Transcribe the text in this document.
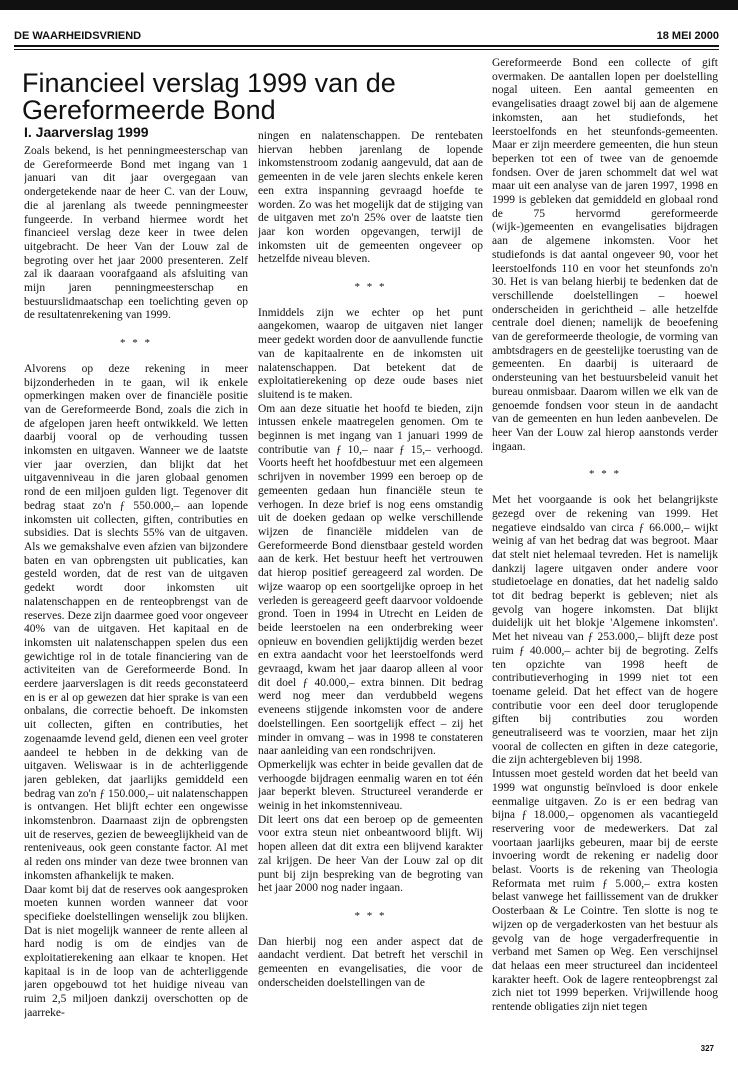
DE WAARHEIDSVRIEND	18 MEI 2000
Financieel verslag 1999 van de Gereformeerde Bond
I. Jaarverslag 1999

Zoals bekend, is het penningmeesterschap van de Gereformeerde Bond met ingang van 1 januari van dit jaar overgegaan van ondergetekende naar de heer C. van der Louw, die al jarenlang als tweede penningmeester fungeerde. In verband hiermee wordt het financieel verslag deze keer in twee delen uitgebracht. De heer Van der Louw zal de begroting over het jaar 2000 presenteren. Zelf zal ik daaraan voorafgaand als afsluiting van mijn jaren penningmeesterschap en bestuurslidmaatschap een toelichting geven op de resultatenrekening van 1999.

* * *

Alvorens op deze rekening in meer bijzonderheden in te gaan, wil ik enkele opmerkingen maken over de financiële positie van de Gereformeerde Bond, zoals die zich in de afgelopen jaren heeft ontwikkeld. We letten daarbij vooral op de verhouding tussen inkomsten en uitgaven. Wanneer we de laatste vier jaar overzien, dan blijkt dat het uitgavenniveau in die jaren globaal genomen rond de een miljoen gulden ligt. Tegenover dit bedrag staat zo'n ƒ 550.000,– aan lopende inkomsten uit collecten, giften, contributies en subsidies. Dat is slechts 55% van de uitgaven. Als we gemakshalve even afzien van bijzondere baten en van opbrengsten uit publicaties, kan gesteld worden, dat de rest van de uitgaven gedekt wordt door inkomsten uit nalatenschappen en de renteopbrengst van de reserves. Deze zijn daarmee goed voor ongeveer 40% van de uitgaven. Het kapitaal en de inkomsten uit nalatenschappen spelen dus een gewichtige rol in de totale financiering van de activiteiten van de Gereformeerde Bond. In eerdere jaarverslagen is dit reeds geconstateerd en is er al op gewezen dat hier sprake is van een onbalans, die correctie behoeft. De inkomsten uit collecten, giften en contributies, het zogenaamde levend geld, dienen een veel groter aandeel te hebben in de dekking van de uitgaven. Weliswaar is in de achterliggende jaren gebleken, dat jaarlijks gemiddeld een bedrag van zo'n ƒ 150.000,– uit nalatenschappen is ontvangen. Het blijft echter een ongewisse inkomstenbron. Daarnaast zijn de opbrengsten uit de reserves, gezien de beweeglijkheid van de renteniveaus, ook geen constante factor. Al met al reden ons minder van deze twee bronnen van inkomsten afhankelijk te maken.

Daar komt bij dat de reserves ook aangesproken moeten kunnen worden wanneer dat voor specifieke doelstellingen wenselijk zou blijken. Dat is niet mogelijk wanneer de rente alleen al hard nodig is om de eindjes van de exploitatierekening aan elkaar te knopen. Het kapitaal is in de loop van de achterliggende jaren opgebouwd tot het huidige niveau van ruim 2,5 miljoen dankzij overschotten op de jaarreke-

ningen en nalatenschappen. De rentebaten hiervan hebben jarenlang de lopende inkomstenstroom zodanig aangevuld, dat aan de gemeenten in de vele jaren slechts enkele keren een extra inspanning gevraagd hoefde te worden. Zo was het mogelijk dat de stijging van de uitgaven met zo'n 25% over de laatste tien jaar kon worden opgevangen, terwijl de inkomsten uit de gemeenten ongeveer op hetzelfde niveau bleven.

* * *

Inmiddels zijn we echter op het punt aangekomen, waarop de uitgaven niet langer meer gedekt worden door de aanvullende functie van de kapitaalrente en de inkomsten uit nalatenschappen. Dat betekent dat de exploitatierekening op deze oude bases niet sluitend is te maken.

Om aan deze situatie het hoofd te bieden, zijn intussen enkele maatregelen genomen. Om te beginnen is met ingang van 1 januari 1999 de contributie van ƒ 10,– naar ƒ 15,– verhoogd. Voorts heeft het hoofdbestuur met een algemeen schrijven in november 1999 een beroep op de gemeenten gedaan hun financiële steun te verhogen. In deze brief is nog eens omstandig uit de doeken gedaan op welke verschillende wijzen de financiële middelen van de Gereformeerde Bond dienstbaar gesteld worden aan de kerk. Het bestuur heeft het vertrouwen dat hierop positief gereageerd zal worden. De wijze waarop op een soortgelijke oproep in het verleden is gereageerd geeft daarvoor voldoende grond. Toen in 1994 in Utrecht en Leiden de beide leerstoelen na een onderbreking weer opnieuw en bovendien gelijktijdig werden bezet en extra aandacht voor het leerstoelfonds werd gevraagd, kwam het jaar daarop alleen al voor dit doel ƒ 40.000,– extra binnen. Dit bedrag werd nog meer dan verdubbeld wegens eveneens stijgende inkomsten voor de andere doelstellingen. Een soortgelijk effect – zij het minder in omvang – was in 1998 te constateren naar aanleiding van een rondschrijven.

Opmerkelijk was echter in beide gevallen dat de verhoogde bijdragen eenmalig waren en tot één jaar beperkt bleven. Structureel veranderde er weinig in het inkomstenniveau.

Dit leert ons dat een beroep op de gemeenten voor extra steun niet onbeantwoord blijft. Wij hopen alleen dat dit extra een blijvend karakter zal krijgen. De heer Van der Louw zal op dit punt bij zijn bespreking van de begroting van het jaar 2000 nog nader ingaan.

* * *

Dan hierbij nog een ander aspect dat de aandacht verdient. Dat betreft het verschil in gemeenten en evangelisaties, die voor de onderscheiden doelstellingen van de

Gereformeerde Bond een collecte of gift overmaken. De aantallen lopen per doelstelling nogal uiteen. Een aantal gemeenten en evangelisaties draagt zowel bij aan de algemene inkomsten, aan het studiefonds, het leerstoelfonds en het steunfonds-gemeenten. Maar er zijn meerdere gemeenten, die hun steun beperken tot een of twee van de genoemde fondsen. Over de jaren schommelt dat wel wat maar uit een analyse van de jaren 1997, 1998 en 1999 is gebleken dat gemiddeld en globaal rond de 75 hervormd gereformeerde (wijk-)gemeenten en evangelisaties bijdragen aan de algemene inkomsten. Voor het studiefonds is dat aantal ongeveer 90, voor het leerstoelfonds 110 en voor het steunfonds zo'n 30. Het is van belang hierbij te bedenken dat de verschillende doelstellingen – hoewel onderscheiden in gerichtheid – alle hetzelfde centrale doel dienen; namelijk de beoefening van de gereformeerde theologie, de vorming van ambtsdragers en de geestelijke toerusting van de gemeenten. En daarbij is uiteraard de ondersteuning van het bestuursbeleid vanuit het bureau onmisbaar. Daarom willen we elk van de genoemde fondsen voor steun in de aandacht van de gemeenten en hun leden aanbevelen. De heer Van der Louw zal hierop aanstonds verder ingaan.

* * *

Met het voorgaande is ook het belangrijkste gezegd over de rekening van 1999. Het negatieve eindsaldo van circa ƒ 66.000,– wijkt weinig af van het bedrag dat was begroot. Maar dat stelt niet helemaal tevreden. Het is namelijk dankzij lagere uitgaven onder andere voor studietoelage en donaties, dat het nadelig saldo tot dit bedrag beperkt is gebleven; niet als gevolg van hogere inkomsten. Dat blijkt duidelijk uit het blokje 'Algemene inkomsten'. Met het niveau van ƒ 253.000,– blijft deze post ruim ƒ 40.000,– achter bij de begroting. Zelfs ten opzichte van 1998 heeft de contributieverhoging in 1999 niet tot een toename geleid. Dat het effect van de hogere contributie voor een deel door teruglopende giften bij contributies zou worden geneutraliseerd was te voorzien, maar het zijn vooral de collecten en giften in deze categorie, die zijn achtergebleven bij 1998.

Intussen moet gesteld worden dat het beeld van 1999 wat ongunstig beïnvloed is door enkele eenmalige uitgaven. Zo is er een bedrag van bijna ƒ 18.000,– opgenomen als vacantiegeld reservering voor de medewerkers. Dat zal voortaan jaarlijks gebeuren, maar bij de eerste invoering wordt de rekening er nadelig door belast. Voorts is de rekening van Theologia Reformata met ruim ƒ 5.000,– extra kosten belast vanwege het faillissement van de drukker Oosterbaan & Le Cointre. Ten slotte is nog te wijzen op de vergaderkosten van het bestuur als gevolg van de hoge vergaderfrequentie in verband met Samen op Weg. Een verschijnsel dat helaas een meer structureel dan incidenteel karakter heeft. Ook de lagere renteopbrengst zal zich niet tot 1999 beperken. Vrijwillende hoog rentende obligaties zijn niet tegen

327
